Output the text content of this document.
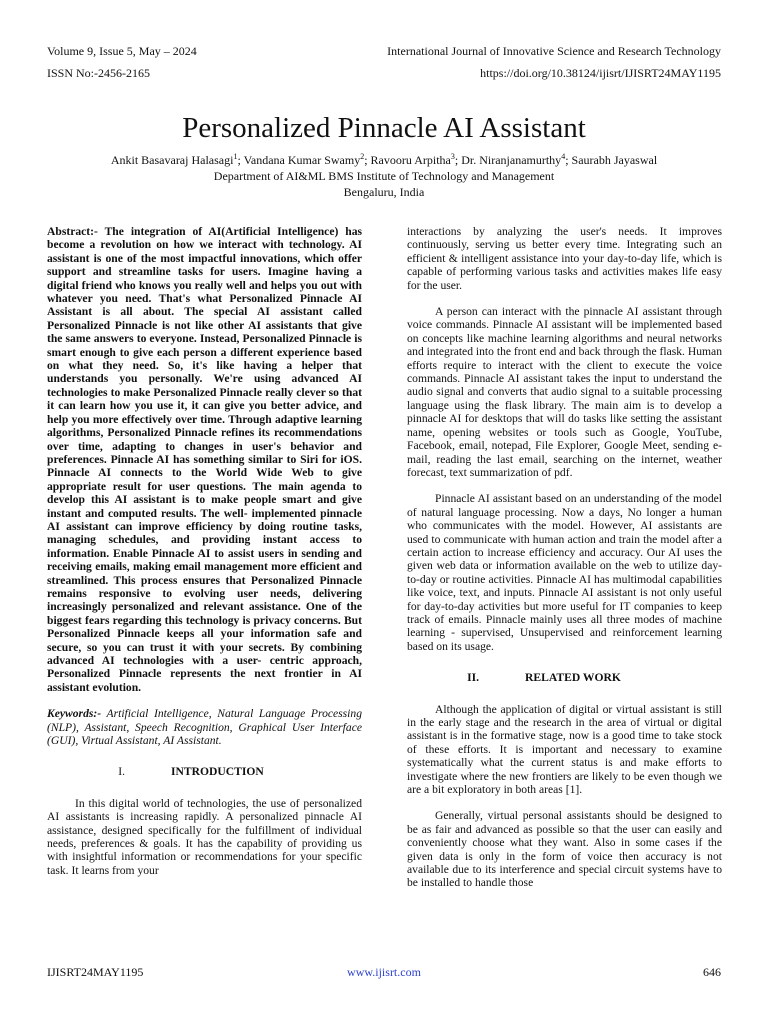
Volume 9, Issue 5, May – 2024	International Journal of Innovative Science and Research Technology
ISSN No:-2456-2165	https://doi.org/10.38124/ijisrt/IJISRT24MAY1195
Personalized Pinnacle AI Assistant
Ankit Basavaraj Halasagi$^1$; Vandana Kumar Swamy$^2$; Ravooru Arpitha$^3$; Dr. Niranjanamurthy$^4$; Saurabh Jayaswal
Department of AI&ML BMS Institute of Technology and Management
Bengaluru, India

Abstract:- The integration of AI(Artificial Intelligence) has become a revolution on how we interact with technology. AI assistant is one of the most impactful innovations, which offer support and streamline tasks for users. Imagine having a digital friend who knows you really well and helps you out with whatever you need. That's what Personalized Pinnacle AI Assistant is all about. The special AI assistant called Personalized Pinnacle is not like other AI assistants that give the same answers to everyone. Instead, Personalized Pinnacle is smart enough to give each person a different experience based on what they need. So, it's like having a helper that understands you personally. We're using advanced AI technologies to make Personalized Pinnacle really clever so that it can learn how you use it, it can give you better advice, and help you more effectively over time. Through adaptive learning algorithms, Personalized Pinnacle refines its recommendations over time, adapting to changes in user's behavior and preferences. Pinnacle AI has something similar to Siri for iOS. Pinnacle AI connects to the World Wide Web to give appropriate result for user questions. The main agenda to develop this AI assistant is to make people smart and give instant and computed results. The well- implemented pinnacle AI assistant can improve efficiency by doing routine tasks, managing schedules, and providing instant access to information. Enable Pinnacle AI to assist users in sending and receiving emails, making email management more efficient and streamlined. This process ensures that Personalized Pinnacle remains responsive to evolving user needs, delivering increasingly personalized and relevant assistance. One of the biggest fears regarding this technology is privacy concerns. But Personalized Pinnacle keeps all your information safe and secure, so you can trust it with your secrets. By combining advanced AI technologies with a user- centric approach, Personalized Pinnacle represents the next frontier in AI assistant evolution.

Keywords:- Artificial Intelligence, Natural Language Processing (NLP), Assistant, Speech Recognition, Graphical User Interface (GUI), Virtual Assistant, AI Assistant.

I.	INTRODUCTION

In this digital world of technologies, the use of personalized AI assistants is increasing rapidly. A personalized pinnacle AI assistance, designed specifically for the fulfillment of individual needs, preferences & goals. It has the capability of providing us with insightful information or recommendations for your specific task. It learns from your

interactions by analyzing the user's needs. It improves continuously, serving us better every time. Integrating such an efficient & intelligent assistance into your day-to-day life, which is capable of performing various tasks and activities makes life easy for the user.

A person can interact with the pinnacle AI assistant through voice commands. Pinnacle AI assistant will be implemented based on concepts like machine learning algorithms and neural networks and integrated into the front end and back through the flask. Human efforts require to interact with the client to execute the voice commands. Pinnacle AI assistant takes the input to understand the audio signal and converts that audio signal to a suitable processing language using the flask library. The main aim is to develop a pinnacle AI for desktops that will do tasks like setting the assistant name, opening websites or tools such as Google, YouTube, Facebook, email, notepad, File Explorer, Google Meet, sending e-mail, reading the last email, searching on the internet, weather forecast, text summarization of pdf.

Pinnacle AI assistant based on an understanding of the model of natural language processing. Now a days, No longer a human who communicates with the model. However, AI assistants are used to communicate with human action and train the model after a certain action to increase efficiency and accuracy. Our AI uses the given web data or information available on the web to utilize day-to-day or routine activities. Pinnacle AI has multimodal capabilities like voice, text, and inputs. Pinnacle AI assistant is not only useful for day-to-day activities but more useful for IT companies to keep track of emails. Pinnacle mainly uses all three modes of machine learning - supervised, Unsupervised and reinforcement learning based on its usage.

II.	RELATED WORK

Although the application of digital or virtual assistant is still in the early stage and the research in the area of virtual or digital assistant is in the formative stage, now is a good time to take stock of these efforts. It is important and necessary to examine systematically what the current status is and make efforts to investigate where the new frontiers are likely to be even though we are a bit exploratory in both areas [1].

Generally, virtual personal assistants should be designed to be as fair and advanced as possible so that the user can easily and conveniently choose what they want. Also in some cases if the given data is only in the form of voice then accuracy is not available due to its interference and special circuit systems have to be installed to handle those

IJISRT24MAY1195	www.ijisrt.com	646
